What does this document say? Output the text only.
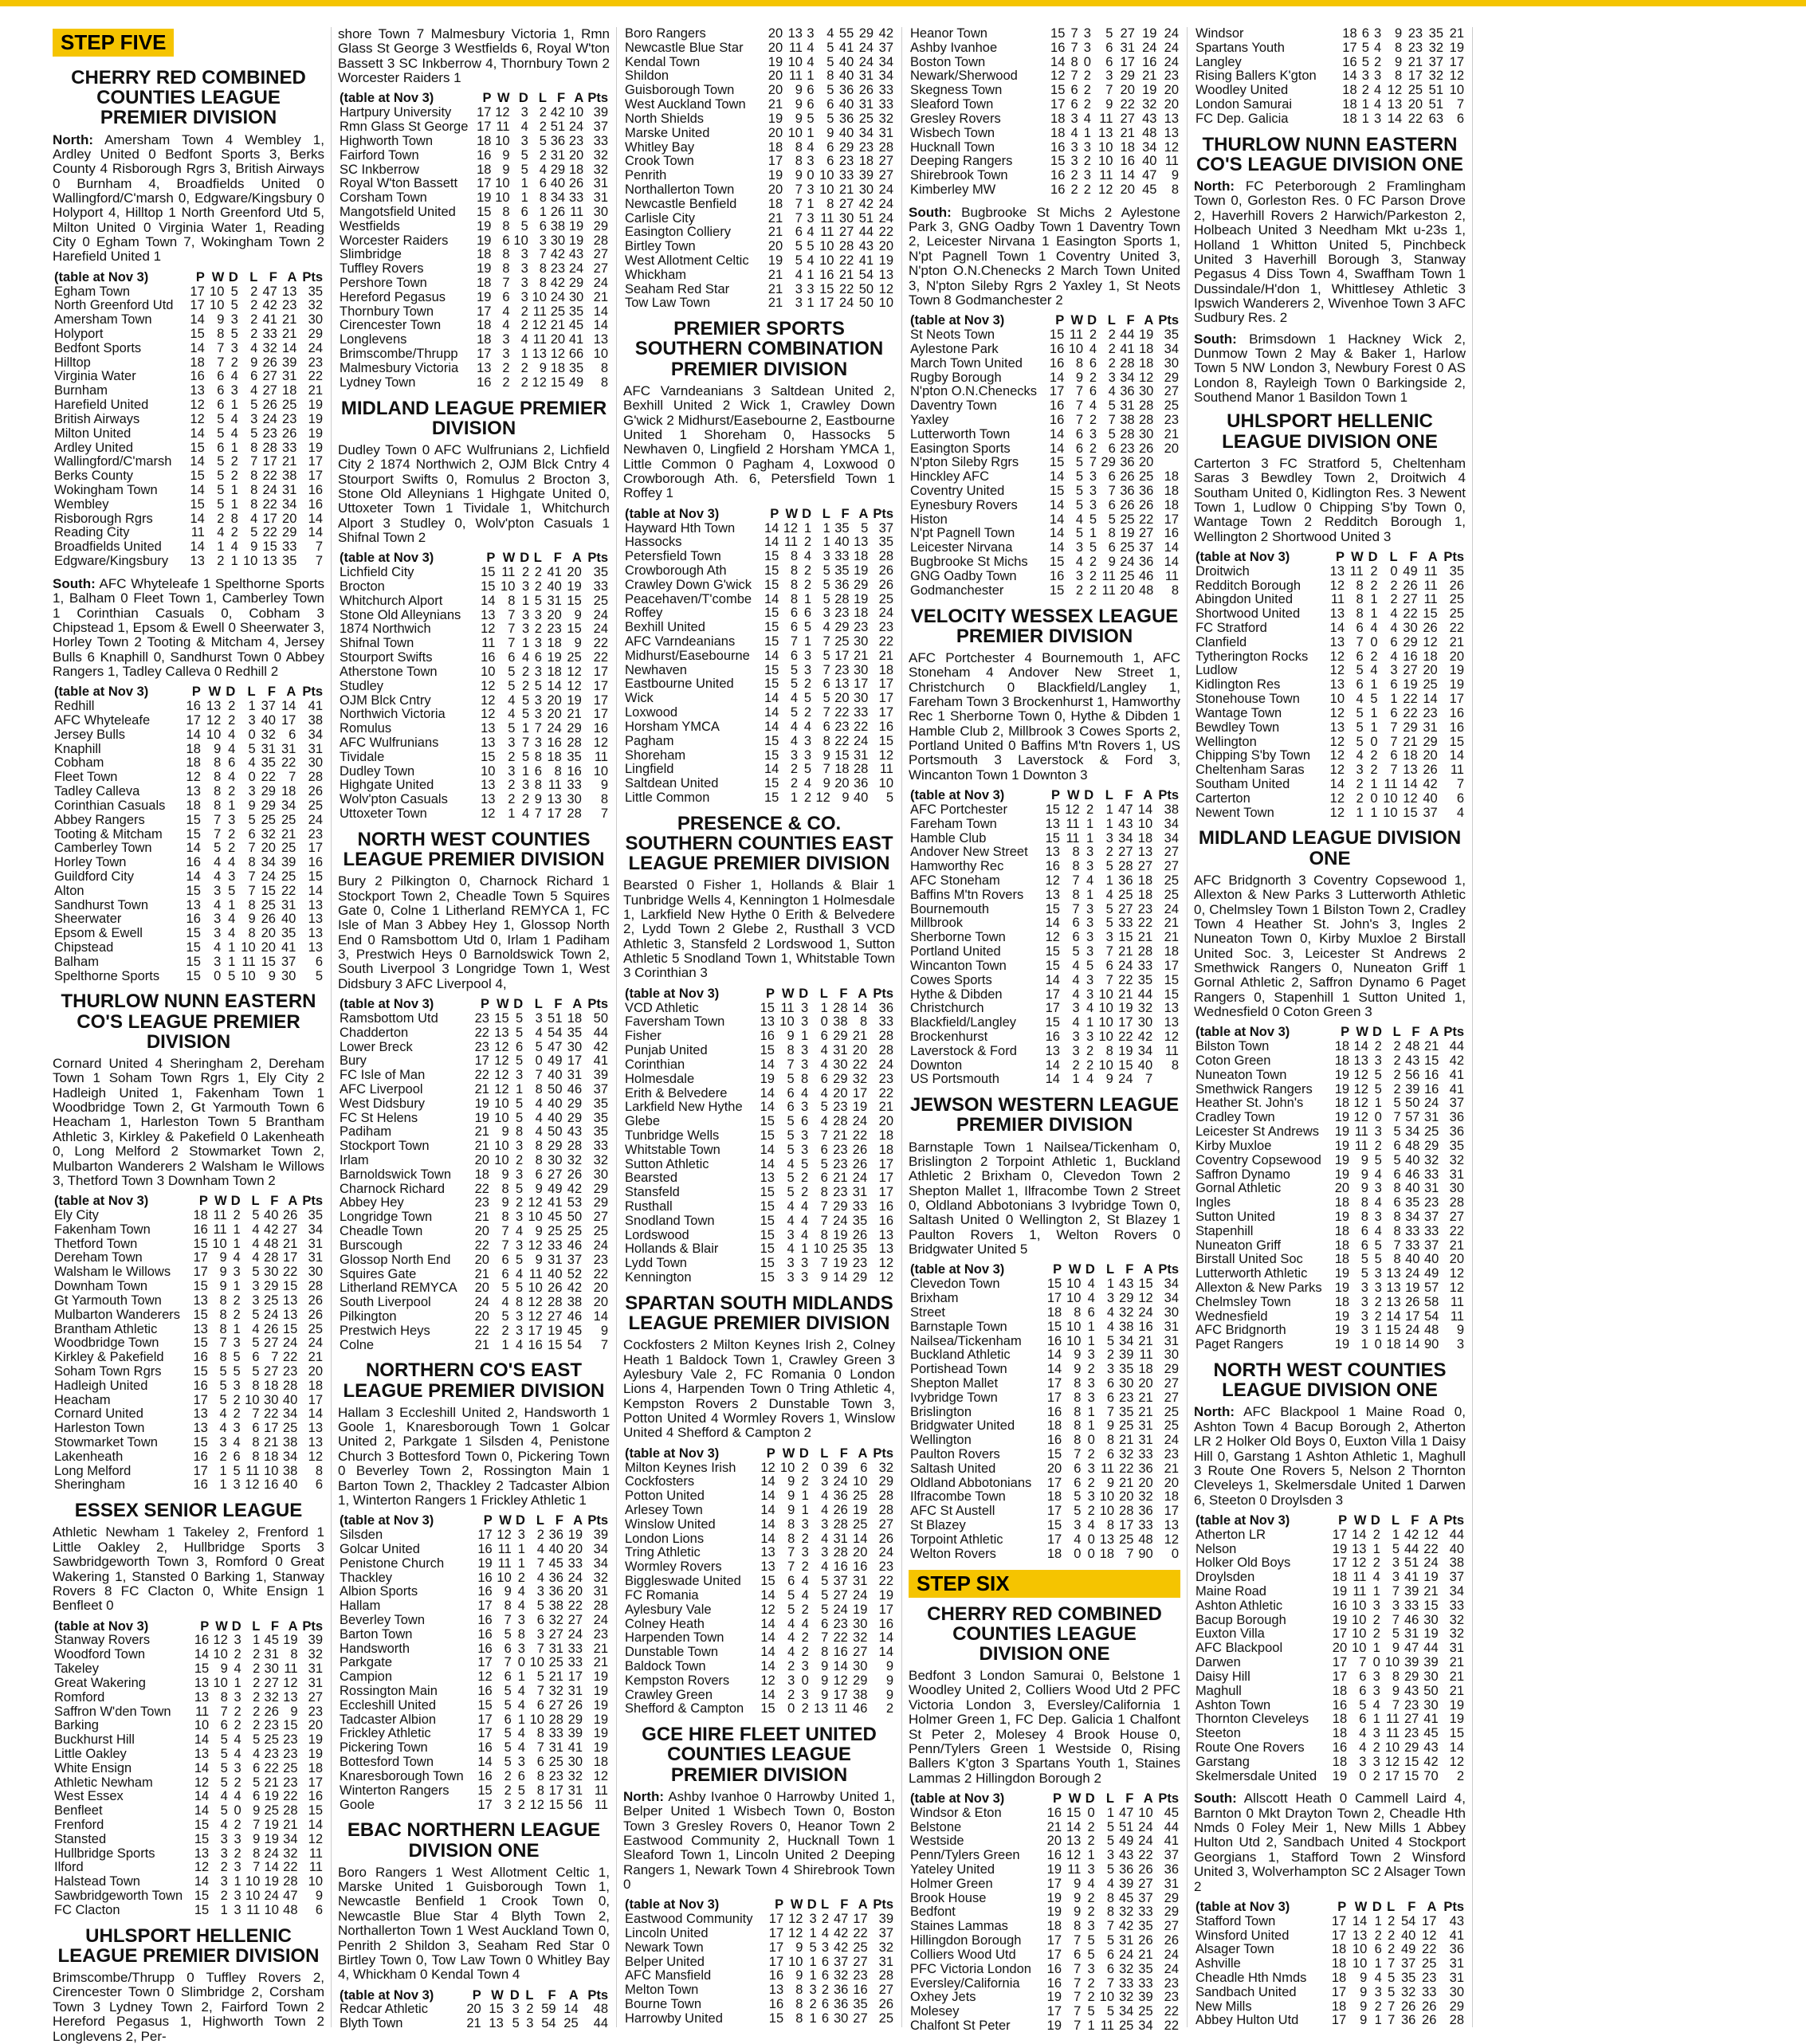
STEP FIVE
CHERRY RED COMBINED COUNTIES LEAGUE PREMIER DIVISION

North: Amersham Town 4 Wembley 1, Ardley United 0 Bedfont Sports 3, Berks County 4 Risborough Rgrs 3, British Airways 0 Burnham 4, Broadfields United 0 Wallingford/C'marsh 0, Edgware/Kingsbury 0 Holyport 4, Hilltop 1 North Greenford Utd 5, Milton United 0 Virginia Water 1, Reading City 0 Egham Town 7, Wokingham Town 2 Harefield United 1

(table at Nov 3)	P	W	D	L	F	A	Pts
Egham Town	17	10	5	2	47	13	35
North Greenford Utd	17	10	5	2	42	23	32
Amersham Town	14	9	3	2	41	21	30
Holyport	15	8	5	2	33	21	29
Bedfont Sports	14	7	3	4	32	14	24
Hilltop	18	7	2	9	26	39	23
Virginia Water	16	6	4	6	27	31	22
Burnham	13	6	3	4	27	18	21
Harefield United	12	6	1	5	26	25	19
British Airways	12	5	4	3	24	23	19
Milton United	14	5	4	5	23	26	19
Ardley United	15	6	1	8	28	33	19
Wallingford/C'marsh	14	5	2	7	17	21	17
Berks County	15	5	2	8	22	38	17
Wokingham Town	14	5	1	8	24	31	16
Wembley	15	5	1	8	22	34	16
Risborough Rgrs	14	2	8	4	17	20	14
Reading City	11	4	2	5	22	29	14
Broadfields United	14	1	4	9	15	33	7
Edgware/Kingsbury	13	2	1	10	13	35	7

South: AFC Whyteleafe 1 Spelthorne Sports 1, Balham 0 Fleet Town 1, Camberley Town 1 Corinthian Casuals 0, Cobham 3 Chipstead 1, Epsom & Ewell 0 Sheerwater 3, Horley Town 2 Tooting & Mitcham 4, Jersey Bulls 6 Knaphill 0, Sandhurst Town 0 Abbey Rangers 1, Tadley Calleva 0 Redhill 2

(table at Nov 3)	P	W	D	L	F	A	Pts
Redhill	16	13	2	1	37	14	41
AFC Whyteleafe	17	12	2	3	40	17	38
Jersey Bulls	14	10	4	0	32	6	34
Knaphill	18	9	4	5	31	31	31
Cobham	18	8	6	4	35	22	30
Fleet Town	12	8	4	0	22	7	28
Tadley Calleva	13	8	2	3	29	18	26
Corinthian Casuals	18	8	1	9	29	34	25
Abbey Rangers	15	7	3	5	25	25	24
Tooting & Mitcham	15	7	2	6	32	21	23
Camberley Town	14	5	2	7	20	25	17
Horley Town	16	4	4	8	34	39	16
Guildford City	14	4	3	7	24	25	15
Alton	15	3	5	7	15	22	14
Sandhurst Town	13	4	1	8	25	31	13
Sheerwater	16	3	4	9	26	40	13
Epsom & Ewell	15	3	4	8	20	35	13
Chipstead	15	4	1	10	20	41	13
Balham	15	3	1	11	15	37	6
Spelthorne Sports	15	0	5	10	9	30	5
THURLOW NUNN EASTERN CO'S LEAGUE PREMIER DIVISION

Cornard United 4 Sheringham 2, Dereham Town 1 Soham Town Rgrs 1, Ely City 2 Hadleigh United 1, Fakenham Town 1 Woodbridge Town 2, Gt Yarmouth Town 6 Heacham 1, Harleston Town 5 Brantham Athletic 3, Kirkley & Pakefield 0 Lakenheath 0, Long Melford 2 Stowmarket Town 2, Mulbarton Wanderers 2 Walsham le Willows 3, Thetford Town 3 Downham Town 2

(table at Nov 3)	P	W	D	L	F	A	Pts
Ely City	18	11	2	5	40	26	35
Fakenham Town	16	11	1	4	42	27	34
Thetford Town	15	10	1	4	48	21	31
Dereham Town	17	9	4	4	28	17	31
Walsham le Willows	17	9	3	5	30	22	30
Downham Town	15	9	1	3	29	15	28
Gt Yarmouth Town	13	8	2	3	25	13	26
Mulbarton Wanderers	15	8	2	5	24	13	26
Brantham Athletic	13	8	1	4	26	15	25
Woodbridge Town	15	7	3	5	27	24	24
Kirkley & Pakefield	16	8	5	6	7	22	21
Soham Town Rgrs	15	5	5	5	27	23	20
Hadleigh United	16	5	3	8	18	28	18
Heacham	17	5	2	10	30	40	17
Cornard United	13	4	2	7	22	34	14
Harleston Town	13	4	3	6	17	25	13
Stowmarket Town	15	3	4	8	21	38	13
Lakenheath	16	2	6	8	18	34	12
Long Melford	17	1	5	11	10	38	8
Sheringham	16	1	3	12	16	40	6
ESSEX SENIOR LEAGUE

Athletic Newham 1 Takeley 2, Frenford 1 Little Oakley 2, Hullbridge Sports 3 Sawbridgeworth Town 3, Romford 0 Great Wakering 1, Stansted 0 Barking 1, Stanway Rovers 8 FC Clacton 0, White Ensign 1 Benfleet 0

(table at Nov 3)	P	W	D	L	F	A	Pts
Stanway Rovers	16	12	3	1	45	19	39
Woodford Town	14	10	2	2	31	8	32
Takeley	15	9	4	2	30	11	31
Great Wakering	13	10	1	2	27	12	31
Romford	13	8	3	2	32	13	27
Saffron W'den Town	11	7	2	2	26	9	23
Barking	10	6	2	2	23	15	20
Buckhurst Hill	14	5	4	5	25	23	19
Little Oakley	13	5	4	4	23	23	19
White Ensign	14	5	3	6	22	25	18
Athletic Newham	12	5	2	5	21	23	17
West Essex	14	4	4	6	19	22	16
Benfleet	14	5	0	9	25	28	15
Frenford	15	4	2	7	19	21	14
Stansted	15	3	3	9	19	34	12
Hullbridge Sports	13	3	2	8	24	32	11
Ilford	12	2	3	7	14	22	11
Halstead Town	14	3	1	10	19	28	10
Sawbridgeworth Town	15	2	3	10	24	47	9
FC Clacton	15	1	3	11	10	48	6
UHLSPORT HELLENIC LEAGUE PREMIER DIVISION

Brimscombe/Thrupp 0 Tuffley Rovers 2, Cirencester Town 0 Slimbridge 2, Corsham Town 3 Lydney Town 2, Fairford Town 2 Hereford Pegasus 1, Highworth Town 2 Longlevens 2, Per-

shore Town 7 Malmesbury Victoria 1, Rmn Glass St George 3 Westfields 6, Royal W'ton Bassett 3 SC Inkberrow 4, Thornbury Town 2 Worcester Raiders 1

(table at Nov 3)	P	W	D	L	F	A	Pts
Hartpury University	17	12	3	2	42	10	39
Rmn Glass St George	17	11	4	2	51	24	37
Highworth Town	18	10	3	5	36	23	33
Fairford Town	16	9	5	2	31	20	32
SC Inkberrow	18	9	5	4	29	18	32
Royal W'ton Bassett	17	10	1	6	40	26	31
Corsham Town	19	10	1	8	34	33	31
Mangotsfield United	15	8	6	1	26	11	30
Westfields	19	8	5	6	38	19	29
Worcester Raiders	19	6	10	3	30	19	28
Slimbridge	18	8	3	7	42	43	27
Tuffley Rovers	19	8	3	8	23	24	27
Pershore Town	18	7	3	8	42	29	24
Hereford Pegasus	19	6	3	10	24	30	21
Thornbury Town	17	4	2	11	25	35	14
Cirencester Town	18	4	2	12	21	45	14
Longlevens	18	3	4	11	20	41	13
Brimscombe/Thrupp	17	3	1	13	12	66	10
Malmesbury Victoria	13	2	2	9	18	35	8
Lydney Town	16	2	2	12	15	49	8
MIDLAND LEAGUE PREMIER DIVISION

Dudley Town 0 AFC Wulfrunians 2, Lichfield City 2 1874 Northwich 2, OJM Blck Cntry 4 Stourport Swifts 0, Romulus 2 Brocton 3, Stone Old Alleynians 1 Highgate United 0, Uttoxeter Town 1 Tividale 1, Whitchurch Alport 3 Studley 0, Wolv'pton Casuals 1 Shifnal Town 2

(table at Nov 3)	P	W	D	L	F	A	Pts
Lichfield City	15	11	2	2	41	20	35
Brocton	15	10	3	2	40	19	33
Whitchurch Alport	14	8	1	5	31	15	25
Stone Old Alleynians	13	7	3	3	20	9	24
1874 Northwich	12	7	3	2	23	15	24
Shifnal Town	11	7	1	3	18	9	22
Stourport Swifts	16	6	4	6	19	25	22
Atherstone Town	10	5	2	3	18	12	17
Studley	12	5	2	5	14	12	17
OJM Blck Cntry	12	4	5	3	20	19	17
Northwich Victoria	12	4	5	3	20	21	17
Romulus	13	5	1	7	24	29	16
AFC Wulfrunians	13	3	7	3	16	28	12
Tividale	15	2	5	8	18	35	11
Dudley Town	10	3	1	6	8	16	10
Highgate United	13	2	3	8	11	33	9
Wolv'pton Casuals	13	2	2	9	13	30	8
Uttoxeter Town	12	1	4	7	17	28	7
NORTH WEST COUNTIES LEAGUE PREMIER DIVISION

Bury 2 Pilkington 0, Charnock Richard 1 Stockport Town 2, Cheadle Town 5 Squires Gate 0, Colne 1 Litherland REMYCA 1, FC Isle of Man 3 Abbey Hey 1, Glossop North End 0 Ramsbottom Utd 0, Irlam 1 Padiham 3, Prestwich Heys 0 Barnoldswick Town 2, South Liverpool 3 Longridge Town 1, West Didsbury 3 AFC Liverpool 4,

(table at Nov 3)	P	W	D	L	F	A	Pts
Ramsbottom Utd	23	15	5	3	51	18	50
Chadderton	22	13	5	4	54	35	44
Lower Breck	23	12	6	5	47	30	42
Bury	17	12	5	0	49	17	41
FC Isle of Man	22	12	3	7	40	31	39
AFC Liverpool	21	12	1	8	50	46	37
West Didsbury	19	10	5	4	40	29	35
FC St Helens	19	10	5	4	40	29	35
Padiham	21	9	8	4	50	43	35
Stockport Town	21	10	3	8	29	28	33
Irlam	20	10	2	8	30	32	32
Barnoldswick Town	18	9	3	6	27	26	30
Charnock Richard	22	8	5	9	49	42	29
Abbey Hey	23	9	2	12	41	53	29
Longridge Town	21	8	3	10	45	50	27
Cheadle Town	20	7	4	9	25	25	25
Burscough	22	7	3	12	33	46	24
Glossop North End	20	6	5	9	31	37	23
Squires Gate	21	6	4	11	40	52	22
Litherland REMYCA	20	5	5	10	26	42	20
South Liverpool	24	4	8	12	28	38	20
Pilkington	20	5	3	12	27	46	14
Prestwich Heys	22	2	3	17	19	45	9
Colne	21	1	4	16	15	54	7
NORTHERN CO'S EAST LEAGUE PREMIER DIVISION

Hallam 3 Eccleshill United 2, Handsworth 1 Goole 1, Knaresborough Town 1 Golcar United 2, Parkgate 1 Silsden 4, Penistone Church 3 Bottesford Town 0, Pickering Town 0 Beverley Town 2, Rossington Main 1 Barton Town 2, Thackley 2 Tadcaster Albion 1, Winterton Rangers 1 Frickley Athletic 1

(table at Nov 3)	P	W	D	L	F	A	Pts
Silsden	17	12	3	2	36	19	39
Golcar United	16	11	1	4	40	20	34
Penistone Church	19	11	1	7	45	33	34
Thackley	16	10	2	4	36	24	32
Albion Sports	16	9	4	3	36	20	31
Hallam	17	8	4	5	38	22	28
Beverley Town	16	7	3	6	32	27	24
Barton Town	16	5	8	3	27	24	23
Handsworth	16	6	3	7	31	33	21
Parkgate	17	7	0	10	25	33	21
Campion	12	6	1	5	21	17	19
Rossington Main	16	5	4	7	32	31	19
Eccleshill United	15	5	4	6	27	26	19
Tadcaster Albion	17	6	1	10	28	29	19
Frickley Athletic	17	5	4	8	33	39	19
Pickering Town	16	5	4	7	31	41	19
Bottesford Town	14	5	3	6	25	30	18
Knaresborough Town	16	2	6	8	23	32	12
Winterton Rangers	15	2	5	8	17	31	11
Goole	17	3	2	12	15	56	11
EBAC NORTHERN LEAGUE DIVISION ONE

Boro Rangers 1 West Allotment Celtic 1, Marske United 1 Guisborough Town 1, Newcastle Benfield 1 Crook Town 0, Newcastle Blue Star 4 Blyth Town 2, Northallerton Town 1 West Auckland Town 0, Penrith 2 Shildon 3, Seaham Red Star 0 Birtley Town 0, Tow Law Town 0 Whitley Bay 4, Whickham 0 Kendal Town 4

(table at Nov 3)	P	W	D	L	F	A	Pts
Redcar Athletic	20	15	3	2	59	14	48
Blyth Town	21	13	5	3	54	25	44
Boro Rangers	20	13	3	4	55	29	42
Newcastle Blue Star	20	11	4	5	41	24	37
Kendal Town	19	10	4	5	40	24	34
Shildon	20	11	1	8	40	31	34
Guisborough Town	20	9	6	5	36	26	33
West Auckland Town	21	9	6	6	40	31	33
North Shields	19	9	5	5	36	25	32
Marske United	20	10	1	9	40	34	31
Whitley Bay	18	8	4	6	29	23	28
Crook Town	17	8	3	6	23	18	27
Penrith	19	9	0	10	33	39	27
Northallerton Town	20	7	3	10	21	30	24
Newcastle Benfield	18	7	1	8	27	42	24
Carlisle City	21	7	3	11	30	51	24
Easington Colliery	21	6	4	11	27	44	22
Birtley Town	20	5	5	10	28	43	20
West Allotment Celtic	19	5	4	10	22	41	19
Whickham	21	4	1	16	21	54	13
Seaham Red Star	21	3	3	15	22	50	12
Tow Law Town	21	3	1	17	24	50	10
PREMIER SPORTS SOUTHERN COMBINATION PREMIER DIVISION

AFC Varndeanians 3 Saltdean United 2, Bexhill United 2 Wick 1, Crawley Down G'wick 2 Midhurst/Easebourne 2, Eastbourne United 1 Shoreham 0, Hassocks 5 Newhaven 0, Lingfield 2 Horsham YMCA 1, Little Common 0 Pagham 4, Loxwood 0 Crowborough Ath. 6, Petersfield Town 1 Roffey 1

(table at Nov 3)	P	W	D	L	F	A	Pts
Hayward Hth Town	14	12	1	1	35	5	37
Hassocks	14	11	2	1	40	13	35
Petersfield Town	15	8	4	3	33	18	28
Crowborough Ath	15	8	2	5	35	19	26
Crawley Down G'wick	15	8	2	5	36	29	26
Peacehaven/T'combe	14	8	1	5	28	19	25
Roffey	15	6	6	3	23	18	24
Bexhill United	15	6	5	4	29	23	23
AFC Varndeanians	15	7	1	7	25	30	22
Midhurst/Easebourne	14	6	3	5	17	21	21
Newhaven	15	5	3	7	23	30	18
Eastbourne United	15	5	2	6	13	17	17
Wick	14	4	5	5	20	30	17
Loxwood	14	5	2	7	22	33	17
Horsham YMCA	14	4	4	6	23	22	16
Pagham	15	4	3	8	22	24	15
Shoreham	15	3	3	9	15	31	12
Lingfield	14	2	5	7	18	28	11
Saltdean United	15	2	4	9	20	36	10
Little Common	15	1	2	12	9	40	5
PRESENCE & CO. SOUTHERN COUNTIES EAST LEAGUE PREMIER DIVISION

Bearsted 0 Fisher 1, Hollands & Blair 1 Tunbridge Wells 4, Kennington 1 Holmesdale 1, Larkfield New Hythe 0 Erith & Belvedere 2, Lydd Town 2 Glebe 2, Rusthall 3 VCD Athletic 3, Stansfeld 2 Lordswood 1, Sutton Athletic 5 Snodland Town 1, Whitstable Town 3 Corinthian 3

(table at Nov 3)	P	W	D	L	F	A	Pts
VCD Athletic	15	11	3	1	28	14	36
Faversham Town	13	10	3	0	38	8	33
Fisher	16	9	1	6	29	21	28
Punjab United	15	8	3	4	31	20	28
Corinthian	14	7	3	4	30	22	24
Holmesdale	19	5	8	6	29	32	23
Erith & Belvedere	14	6	4	4	20	17	22
Larkfield New Hythe	14	6	3	5	23	19	21
Glebe	15	5	6	4	28	24	20
Tunbridge Wells	15	5	3	7	21	22	18
Whitstable Town	14	5	3	6	23	26	18
Sutton Athletic	14	4	5	5	23	26	17
Bearsted	13	5	2	6	21	24	17
Stansfeld	15	5	2	8	23	31	17
Rusthall	15	4	4	7	29	33	16
Snodland Town	15	4	4	7	24	35	16
Lordswood	15	3	4	8	19	26	13
Hollands & Blair	15	4	1	10	25	35	13
Lydd Town	15	3	3	7	19	23	12
Kennington	15	3	3	9	14	29	12
SPARTAN SOUTH MIDLANDS LEAGUE PREMIER DIVISION

Cockfosters 2 Milton Keynes Irish 2, Colney Heath 1 Baldock Town 1, Crawley Green 3 Aylesbury Vale 2, FC Romania 0 London Lions 4, Harpenden Town 0 Tring Athletic 4, Kempston Rovers 2 Dunstable Town 3, Potton United 4 Wormley Rovers 1, Winslow United 4 Shefford & Campton 2

(table at Nov 3)	P	W	D	L	F	A	Pts
Milton Keynes Irish	12	10	2	0	39	6	32
Cockfosters	14	9	2	3	24	10	29
Potton United	14	9	1	4	36	25	28
Arlesey Town	14	9	1	4	26	19	28
Winslow United	14	8	3	3	28	25	27
London Lions	14	8	2	4	31	14	26
Tring Athletic	13	7	3	3	28	20	24
Wormley Rovers	13	7	2	4	16	16	23
Biggleswade United	15	6	4	5	37	31	22
FC Romania	14	5	4	5	27	24	19
Aylesbury Vale	12	5	2	5	24	19	17
Colney Heath	14	4	4	6	23	30	16
Harpenden Town	14	4	2	7	22	32	14
Dunstable Town	14	4	2	8	16	27	14
Baldock Town	14	2	3	9	14	30	9
Kempston Rovers	12	3	0	9	12	29	9
Crawley Green	14	2	3	9	17	38	9
Shefford & Campton	15	0	2	13	11	46	2
GCE HIRE FLEET UNITED COUNTIES LEAGUE PREMIER DIVISION

North: Ashby Ivanhoe 0 Harrowby United 1, Belper United 1 Wisbech Town 0, Boston Town 3 Gresley Rovers 0, Heanor Town 2 Eastwood Community 2, Hucknall Town 1 Sleaford Town 1, Lincoln United 2 Deeping Rangers 1, Newark Town 4 Shirebrook Town 0

(table at Nov 3)	P	W	D	L	F	A	Pts
Eastwood Community	17	12	3	2	47	17	39
Lincoln United	17	12	1	4	42	22	37
Newark Town	17	9	5	3	42	25	32
Belper United	17	10	1	6	37	27	31
AFC Mansfield	16	9	1	6	32	23	28
Melton Town	13	8	3	2	36	16	27
Bourne Town	16	8	2	6	36	35	26
Harrowby United	15	8	1	6	30	27	25
Heanor Town	15	7	3	5	27	19	24
Ashby Ivanhoe	16	7	3	6	31	24	24
Boston Town	14	8	0	6	17	16	24
Newark/Sherwood	12	7	2	3	29	21	23
Skegness Town	15	6	2	7	20	19	20
Sleaford Town	17	6	2	9	22	32	20
Gresley Rovers	18	3	4	11	27	43	13
Wisbech Town	18	4	1	13	21	48	13
Hucknall Town	16	3	3	10	18	34	12
Deeping Rangers	15	3	2	10	16	40	11
Shirebrook Town	16	2	3	11	14	47	9
Kimberley MW	16	2	2	12	20	45	8

South: Bugbrooke St Michs 2 Aylestone Park 3, GNG Oadby Town 1 Daventry Town 2, Leicester Nirvana 1 Easington Sports 1, N'pt Pagnell Town 1 Coventry United 3, N'pton O.N.Chenecks 2 March Town United 3, N'pton Sileby Rgrs 2 Yaxley 1, St Neots Town 8 Godmanchester 2

(table at Nov 3)	P	W	D	L	F	A	Pts
St Neots Town	15	11	2	2	44	19	35
Aylestone Park	16	10	4	2	41	18	34
March Town United	16	8	6	2	28	18	30
Rugby Borough	14	9	2	3	34	12	29
N'pton O.N.Chenecks	17	7	6	4	36	30	27
Daventry Town	16	7	4	5	31	28	25
Yaxley	16	7	2	7	38	28	23
Lutterworth Town	14	6	3	5	28	30	21
Easington Sports	14	6	2	6	23	26	20
N'pton Sileby Rgrs	15	5	7	29	36	20	
Hinckley AFC	14	5	3	6	26	25	18
Coventry United	15	5	3	7	36	36	18
Eynesbury Rovers	14	5	3	6	26	26	18
Histon	14	4	5	5	25	22	17
N'pt Pagnell Town	14	5	1	8	19	27	16
Leicester Nirvana	14	3	5	6	25	37	14
Bugbrooke St Michs	15	4	2	9	24	36	14
GNG Oadby Town	16	3	2	11	25	46	11
Godmanchester	15	2	2	11	20	48	8
VELOCITY WESSEX LEAGUE PREMIER DIVISION

AFC Portchester 4 Bournemouth 1, AFC Stoneham 4 Andover New Street 1, Christchurch 0 Blackfield/Langley 1, Fareham Town 3 Brockenhurst 1, Hamworthy Rec 1 Sherborne Town 0, Hythe & Dibden 1 Hamble Club 2, Millbrook 3 Cowes Sports 2, Portland United 0 Baffins M'tn Rovers 1, US Portsmouth 3 Laverstock & Ford 3, Wincanton Town 1 Downton 3

(table at Nov 3)	P	W	D	L	F	A	Pts
AFC Portchester	15	12	2	1	47	14	38
Fareham Town	13	11	1	1	43	10	34
Hamble Club	15	11	1	3	34	18	34
Andover New Street	13	8	3	2	27	13	27
Hamworthy Rec	16	8	3	5	28	27	27
AFC Stoneham	12	7	4	1	36	18	25
Baffins M'tn Rovers	13	8	1	4	25	18	25
Bournemouth	15	7	3	5	27	23	24
Millbrook	14	6	3	5	33	22	21
Sherborne Town	12	6	3	3	15	21	21
Portland United	15	5	3	7	21	28	18
Wincanton Town	15	4	5	6	24	33	17
Cowes Sports	14	4	3	7	22	35	15
Hythe & Dibden	17	4	3	10	21	44	15
Christchurch	17	3	4	10	19	32	13
Blackfield/Langley	15	4	1	10	17	30	13
Brockenhurst	16	3	3	10	22	42	12
Laverstock & Ford	13	3	2	8	19	34	11
Downton	14	2	2	10	15	40	8
US Portsmouth	14	1	4	9	24	7	
JEWSON WESTERN LEAGUE PREMIER DIVISION

Barnstaple Town 1 Nailsea/Tickenham 0, Brislington 2 Torpoint Athletic 1, Buckland Athletic 2 Brixham 0, Clevedon Town 2 Shepton Mallet 1, Ilfracombe Town 2 Street 0, Oldland Abbotonians 3 Ivybridge Town 0, Saltash United 0 Wellington 2, St Blazey 1 Paulton Rovers 1, Welton Rovers 0 Bridgwater United 5

(table at Nov 3)	P	W	D	L	F	A	Pts
Clevedon Town	15	10	4	1	43	15	34
Brixham	17	10	4	3	29	12	34
Street	18	8	6	4	32	24	30
Barnstaple Town	15	10	1	4	38	16	31
Nailsea/Tickenham	16	10	1	5	34	21	31
Buckland Athletic	14	9	3	2	39	11	30
Portishead Town	14	9	2	3	35	18	29
Shepton Mallet	17	8	3	6	30	20	27
Ivybridge Town	17	8	3	6	23	21	27
Brislington	16	8	1	7	35	21	25
Bridgwater United	18	8	1	9	25	31	25
Wellington	16	8	0	8	21	31	24
Paulton Rovers	15	7	2	6	32	33	23
Saltash United	20	6	3	11	22	36	21
Oldland Abbotonians	17	6	2	9	21	20	20
Ilfracombe Town	18	5	3	10	20	32	18
AFC St Austell	17	5	2	10	28	36	17
St Blazey	15	3	4	8	17	33	13
Torpoint Athletic	17	4	0	13	25	48	12
Welton Rovers	18	0	0	18	7	90	0
STEP SIX
CHERRY RED COMBINED COUNTIES LEAGUE DIVISION ONE

Bedfont 3 London Samurai 0, Belstone 1 Woodley United 2, Colliers Wood Utd 2 PFC Victoria London 3, Eversley/California 1 Holmer Green 1, FC Dep. Galicia 1 Chalfont St Peter 2, Molesey 4 Brook House 0, Penn/Tylers Green 1 Westside 0, Rising Ballers K'gton 3 Spartans Youth 1, Staines Lammas 2 Hillingdon Borough 2

(table at Nov 3)	P	W	D	L	F	A	Pts
Windsor & Eton	16	15	0	1	47	10	45
Belstone	21	14	2	5	51	24	44
Westside	20	13	2	5	49	24	41
Penn/Tylers Green	16	12	1	3	43	22	37
Yateley United	19	11	3	5	36	26	36
Holmer Green	17	9	4	4	39	27	31
Brook House	19	9	2	8	45	37	29
Bedfont	19	9	2	8	32	33	29
Staines Lammas	18	8	3	7	42	35	27
Hillingdon Borough	17	7	5	5	31	26	26
Colliers Wood Utd	17	6	5	6	24	21	24
PFC Victoria London	16	7	3	6	32	35	24
Eversley/California	16	7	2	7	33	33	23
Oxhey Jets	19	7	2	10	32	39	23
Molesey	17	7	5	5	34	25	22
Chalfont St Peter	19	7	1	11	25	34	22
Windsor	18	6	3	9	23	35	21
Spartans Youth	17	5	4	8	23	32	19
Langley	16	5	2	9	21	37	17
Rising Ballers K'gton	14	3	3	8	17	32	12
Woodley United	18	2	4	12	25	51	10
London Samurai	18	1	4	13	20	51	7
FC Dep. Galicia	18	1	3	14	22	63	6
THURLOW NUNN EASTERN CO'S LEAGUE DIVISION ONE

North: FC Peterborough 2 Framlingham Town 0, Gorleston Res. 0 FC Parson Drove 2, Haverhill Rovers 2 Harwich/Parkeston 2, Holbeach United 3 Needham Mkt u-23s 1, Holland 1 Whitton United 5, Pinchbeck United 3 Haverhill Borough 3, Stanway Pegasus 4 Diss Town 4, Swaffham Town 1 Dussindale/H'don 1, Whittlesey Athletic 3 Ipswich Wanderers 2, Wivenhoe Town 3 AFC Sudbury Res. 2

South: Brimsdown 1 Hackney Wick 2, Dunmow Town 2 May & Baker 1, Harlow Town 5 NW London 3, Newbury Forest 0 AS London 8, Rayleigh Town 0 Barkingside 2, Southend Manor 1 Basildon Town 1

UHLSPORT HELLENIC LEAGUE DIVISION ONE

Carterton 3 FC Stratford 5, Cheltenham Saras 3 Bewdley Town 2, Droitwich 4 Southam United 0, Kidlington Res. 3 Newent Town 1, Ludlow 0 Chipping S'by Town 0, Wantage Town 2 Redditch Borough 1, Wellington 2 Shortwood United 3

(table at Nov 3)	P	W	D	L	F	A	Pts
Droitwich	13	11	2	0	49	11	35
Redditch Borough	12	8	2	2	26	11	26
Abingdon United	11	8	1	2	27	11	25
Shortwood United	13	8	1	4	22	15	25
FC Stratford	14	6	4	4	30	26	22
Clanfield	13	7	0	6	29	12	21
Tytherington Rocks	12	6	2	4	16	18	20
Ludlow	12	5	4	3	27	20	19
Kidlington Res	13	6	1	6	19	25	19
Stonehouse Town	10	4	5	1	22	14	17
Wantage Town	12	5	1	6	22	23	16
Bewdley Town	13	5	1	7	29	31	16
Wellington	12	5	0	7	21	29	15
Chipping S'by Town	12	4	2	6	18	20	14
Cheltenham Saras	12	3	2	7	13	26	11
Southam United	14	2	1	11	14	42	7
Carterton	12	2	0	10	12	40	6
Newent Town	12	1	1	10	15	37	4
MIDLAND LEAGUE DIVISION ONE

AFC Bridgnorth 3 Coventry Copsewood 1, Allexton & New Parks 3 Lutterworth Athletic 0, Chelmsley Town 1 Bilston Town 2, Cradley Town 4 Heather St. John's 3, Ingles 2 Nuneaton Town 0, Kirby Muxloe 2 Birstall United Soc. 3, Leicester St Andrews 2 Smethwick Rangers 0, Nuneaton Griff 1 Gornal Athletic 2, Saffron Dynamo 6 Paget Rangers 0, Stapenhill 1 Sutton United 1, Wednesfield 0 Coton Green 3

(table at Nov 3)	P	W	D	L	F	A	Pts
Bilston Town	18	14	2	2	48	21	44
Coton Green	18	13	3	2	43	15	42
Nuneaton Town	19	12	5	2	56	16	41
Smethwick Rangers	19	12	5	2	39	16	41
Heather St. John's	18	12	1	5	50	24	37
Cradley Town	19	12	0	7	57	31	36
Leicester St Andrews	19	11	3	5	34	25	36
Kirby Muxloe	19	11	2	6	48	29	35
Coventry Copsewood	19	9	5	5	40	32	32
Saffron Dynamo	19	9	4	6	46	33	31
Gornal Athletic	20	9	3	8	40	31	30
Ingles	18	8	4	6	35	23	28
Sutton United	19	8	3	8	34	37	27
Stapenhill	18	6	4	8	33	33	22
Nuneaton Griff	18	6	5	7	33	37	21
Birstall United Soc	18	5	5	8	40	40	20
Lutterworth Athletic	19	5	3	13	24	49	12
Allexton & New Parks	19	3	3	13	19	57	12
Chelmsley Town	18	3	2	13	26	58	11
Wednesfield	19	3	2	14	17	54	11
AFC Bridgnorth	19	3	1	15	24	48	9
Paget Rangers	19	1	0	18	14	90	3
NORTH WEST COUNTIES LEAGUE DIVISION ONE

North: AFC Blackpool 1 Maine Road 0, Ashton Town 4 Bacup Borough 2, Atherton LR 2 Holker Old Boys 0, Euxton Villa 1 Daisy Hill 0, Garstang 1 Ashton Athletic 1, Maghull 3 Route One Rovers 5, Nelson 2 Thornton Cleveleys 1, Skelmersdale United 1 Darwen 6, Steeton 0 Droylsden 3

(table at Nov 3)	P	W	D	L	F	A	Pts
Atherton LR	17	14	2	1	42	12	44
Nelson	19	13	1	5	44	22	40
Holker Old Boys	17	12	2	3	51	24	38
Droylsden	18	11	4	3	41	19	37
Maine Road	19	11	1	7	39	21	34
Ashton Athletic	16	10	3	3	33	15	33
Bacup Borough	19	10	2	7	46	30	32
Euxton Villa	17	10	2	5	31	19	32
AFC Blackpool	20	10	1	9	47	44	31
Darwen	17	7	0	10	39	39	21
Daisy Hill	17	6	3	8	29	30	21
Maghull	18	6	3	9	43	50	21
Ashton Town	16	5	4	7	23	30	19
Thornton Cleveleys	18	6	1	11	27	41	19
Steeton	18	4	3	11	23	45	15
Route One Rovers	16	4	2	10	29	43	14
Garstang	18	3	3	12	15	42	12
Skelmersdale United	19	0	2	17	15	70	2

South: Allscott Heath 0 Cammell Laird 4, Barnton 0 Mkt Drayton Town 2, Cheadle Hth Nmds 0 Foley Meir 1, New Mills 1 Abbey Hulton Utd 2, Sandbach United 4 Stockport Georgians 1, Stafford Town 2 Winsford United 3, Wolverhampton SC 2 Alsager Town 2

(table at Nov 3)	P	W	D	L	F	A	Pts
Stafford Town	17	14	1	2	54	17	43
Winsford United	17	13	2	2	40	12	41
Alsager Town	18	10	6	2	49	22	36
Ashville	18	10	1	7	37	25	31
Cheadle Hth Nmds	18	9	4	5	35	23	31
Sandbach United	17	9	3	5	32	33	30
New Mills	18	9	2	7	26	26	29
Abbey Hulton Utd	17	9	1	7	36	26	28
